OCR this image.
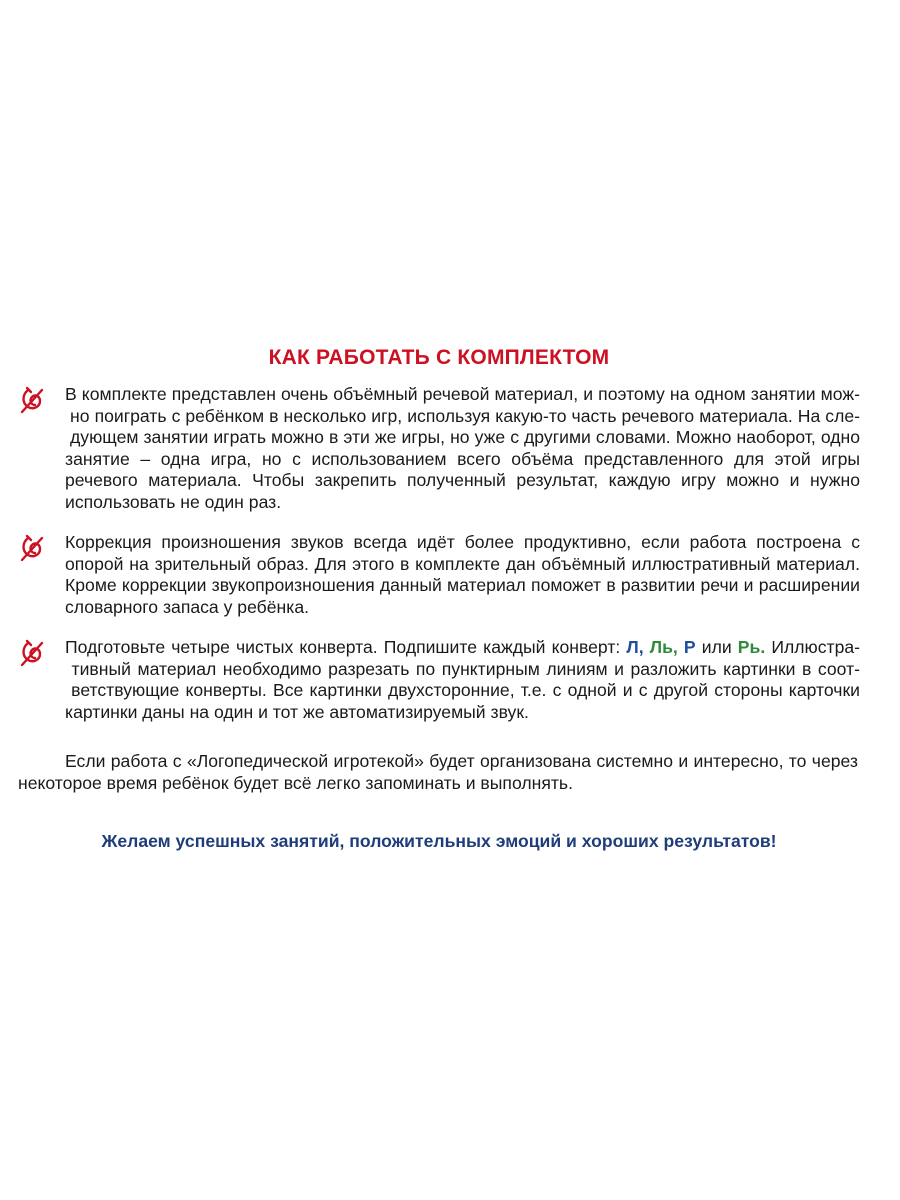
КАК РАБОТАТЬ С КОМПЛЕКТОМ
В комплекте представлен очень объёмный речевой материал, и поэтому на одном занятии мож- но поиграть с ребёнком в несколько игр, используя какую-то часть речевого материала. На сле- дующем занятии играть можно в эти же игры, но уже с другими словами. Можно наоборот, одно занятие – одна игра, но с использованием всего объёма представленного для этой игры речевого материала. Чтобы закрепить полученный результат, каждую игру можно и нужно использовать не один раз.
Коррекция произношения звуков всегда идёт более продуктивно, если работа построена с опорой на зрительный образ. Для этого в комплекте дан объёмный иллюстративный материал. Кроме коррекции звукопроизношения данный материал поможет в развитии речи и расширении словарного запаса у ребёнка.
Подготовьте четыре чистых конверта. Подпишите каждый конверт: Л, Ль, Р или Рь. Иллюстра- тивный материал необходимо разрезать по пунктирным линиям и разложить картинки в соот- ветствующие конверты. Все картинки двухсторонние, т.е. с одной и с другой стороны карточки картинки даны на один и тот же автоматизируемый звук.
Если работа с «Логопедической игротекой» будет организована системно и интересно, то через некоторое время ребёнок будет всё легко запоминать и выполнять.
Желаем успешных занятий, положительных эмоций и хороших результатов!
